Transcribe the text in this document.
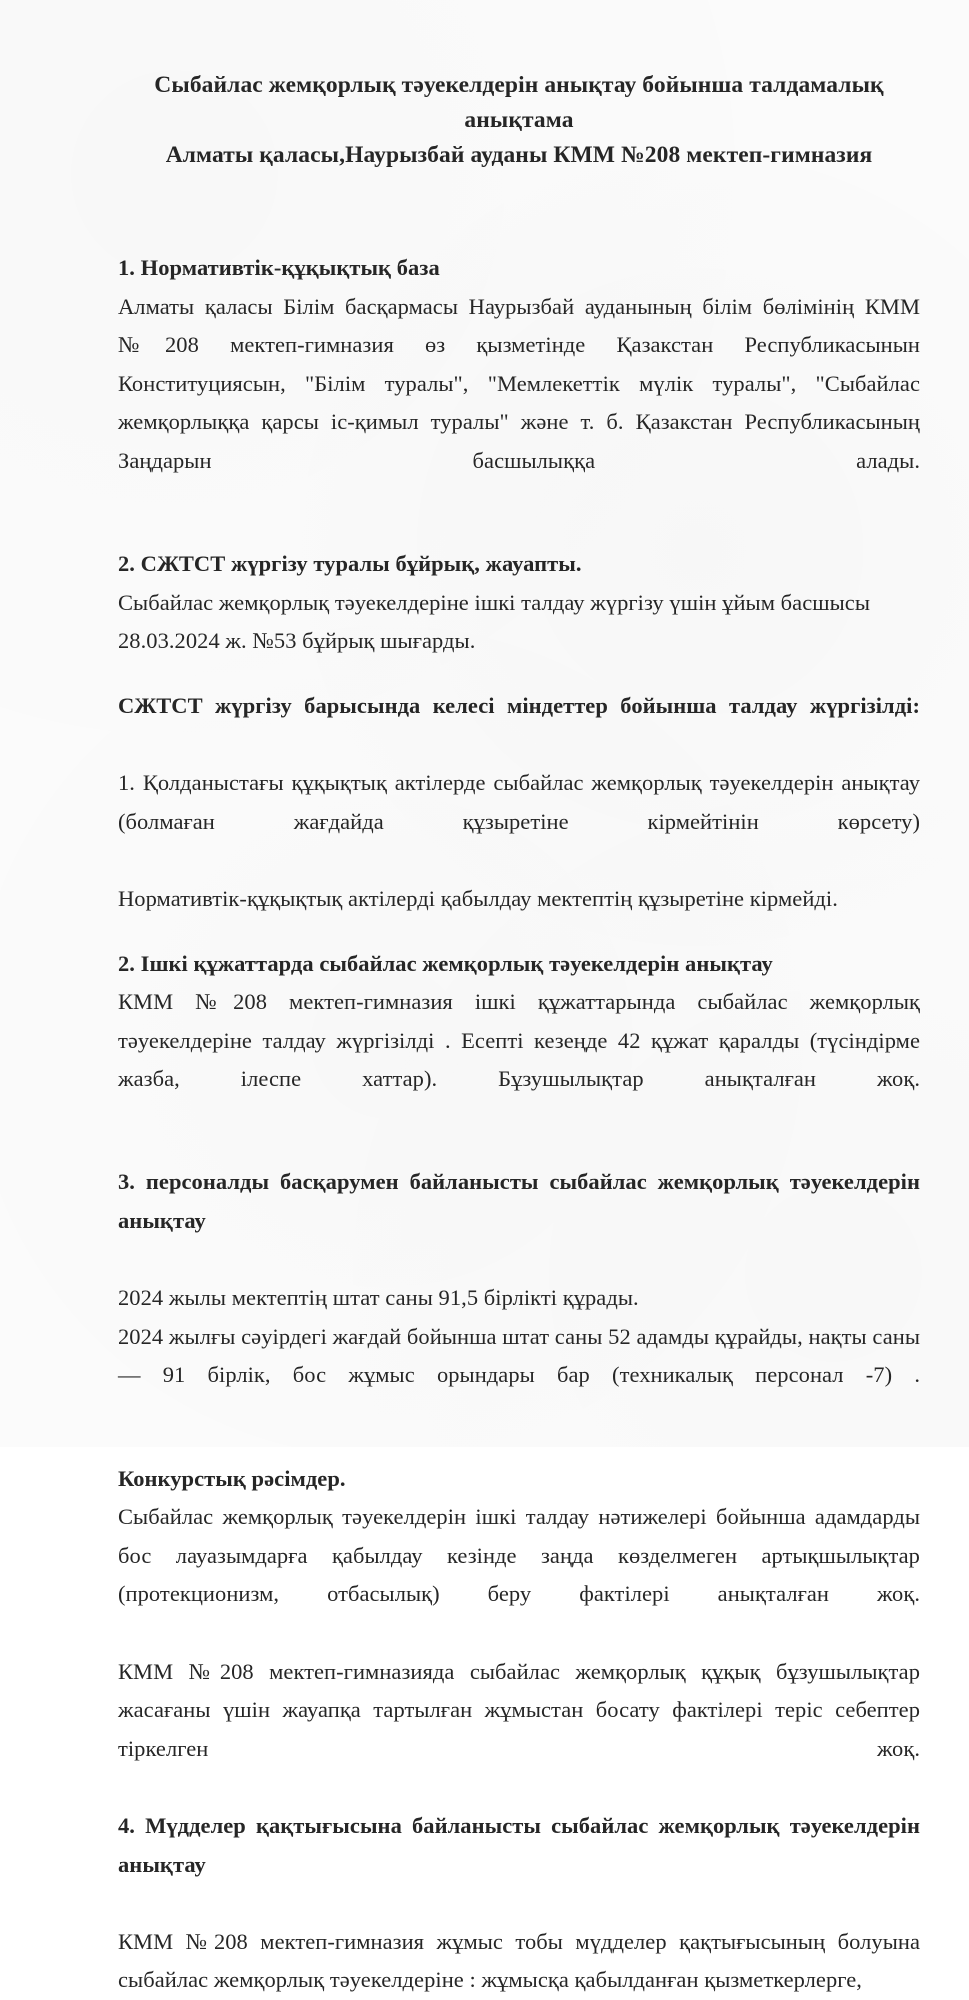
Сыбайлас жемқорлық тәуекелдерін анықтау бойынша талдамалық
анықтама

Алматы қаласы,Наурызбай ауданы КММ №208 мектеп-гимназия

1. Нормативтік-құқықтық база

Алматы қаласы Білім басқармасы Наурызбай ауданының білім бөлімінің КММ №208 мектеп-гимназия өз қызметінде Қазакстан Республикасынын Конституциясын, "Білім туралы", "Мемлекеттік мүлік туралы", "Сыбайлас жемқорлыққа қарсы іс-қимыл туралы" және т. б. Қазакстан Республикасының Заңдарын басшылыққа алады.

2. СЖТСТ жүргізу туралы бұйрық, жауапты.

Сыбайлас жемқорлық тәуекелдеріне ішкі талдау жүргізу үшін ұйым басшысы

28.03.2024 ж. №53 бұйрық шығарды.

СЖТСТ жүргізу барысында келесі міндеттер бойынша талдау жүргізілді:

1. Қолданыстағы құқықтық актілерде сыбайлас жемқорлық тәуекелдерін анықтау (болмаған жағдайда құзыретіне кірмейтінін көрсету)

Нормативтік-құқықтық актілерді қабылдау мектептің құзыретіне кірмейді.

2. Ішкі құжаттарда сыбайлас жемқорлық тәуекелдерін анықтау

КММ №208 мектеп-гимназия ішкі құжаттарында сыбайлас жемқорлық тәуекелдеріне талдау жүргізілді . Есепті кезеңде 42 құжат қаралды (түсіндірме жазба, ілеспе хаттар). Бұзушылықтар анықталған жоқ.

3. персоналды басқарумен байланысты сыбайлас жемқорлық тәуекелдерін анықтау

2024 жылы мектептің штат саны 91,5 бірлікті құрады.

2024 жылғы сәуірдегі жағдай бойынша штат саны 52 адамды құрайды, нақты саны — 91 бірлік, бос жұмыс орындары бар (техникалық персонал -7) .

Конкурстық рәсімдер.

Сыбайлас жемқорлық тәуекелдерін ішкі талдау нәтижелері бойынша адамдарды бос лауазымдарға қабылдау кезінде заңда көзделмеген артықшылықтар (протекционизм, отбасылық) беру фактілері анықталған жоқ.

КММ №208 мектеп-гимназияда сыбайлас жемқорлық құқық бұзушылықтар жасағаны үшін жауапқа тартылған жұмыстан босату фактілері теріс себептер тіркелген жоқ.

4. Мүдделер қақтығысына байланысты сыбайлас жемқорлық тәуекелдерін анықтау

КММ №208 мектеп-гимназия жұмыс тобы мүдделер қақтығысының болуына сыбайлас жемқорлық тәуекелдеріне : жұмысқа қабылданған қызметкерлерге,
